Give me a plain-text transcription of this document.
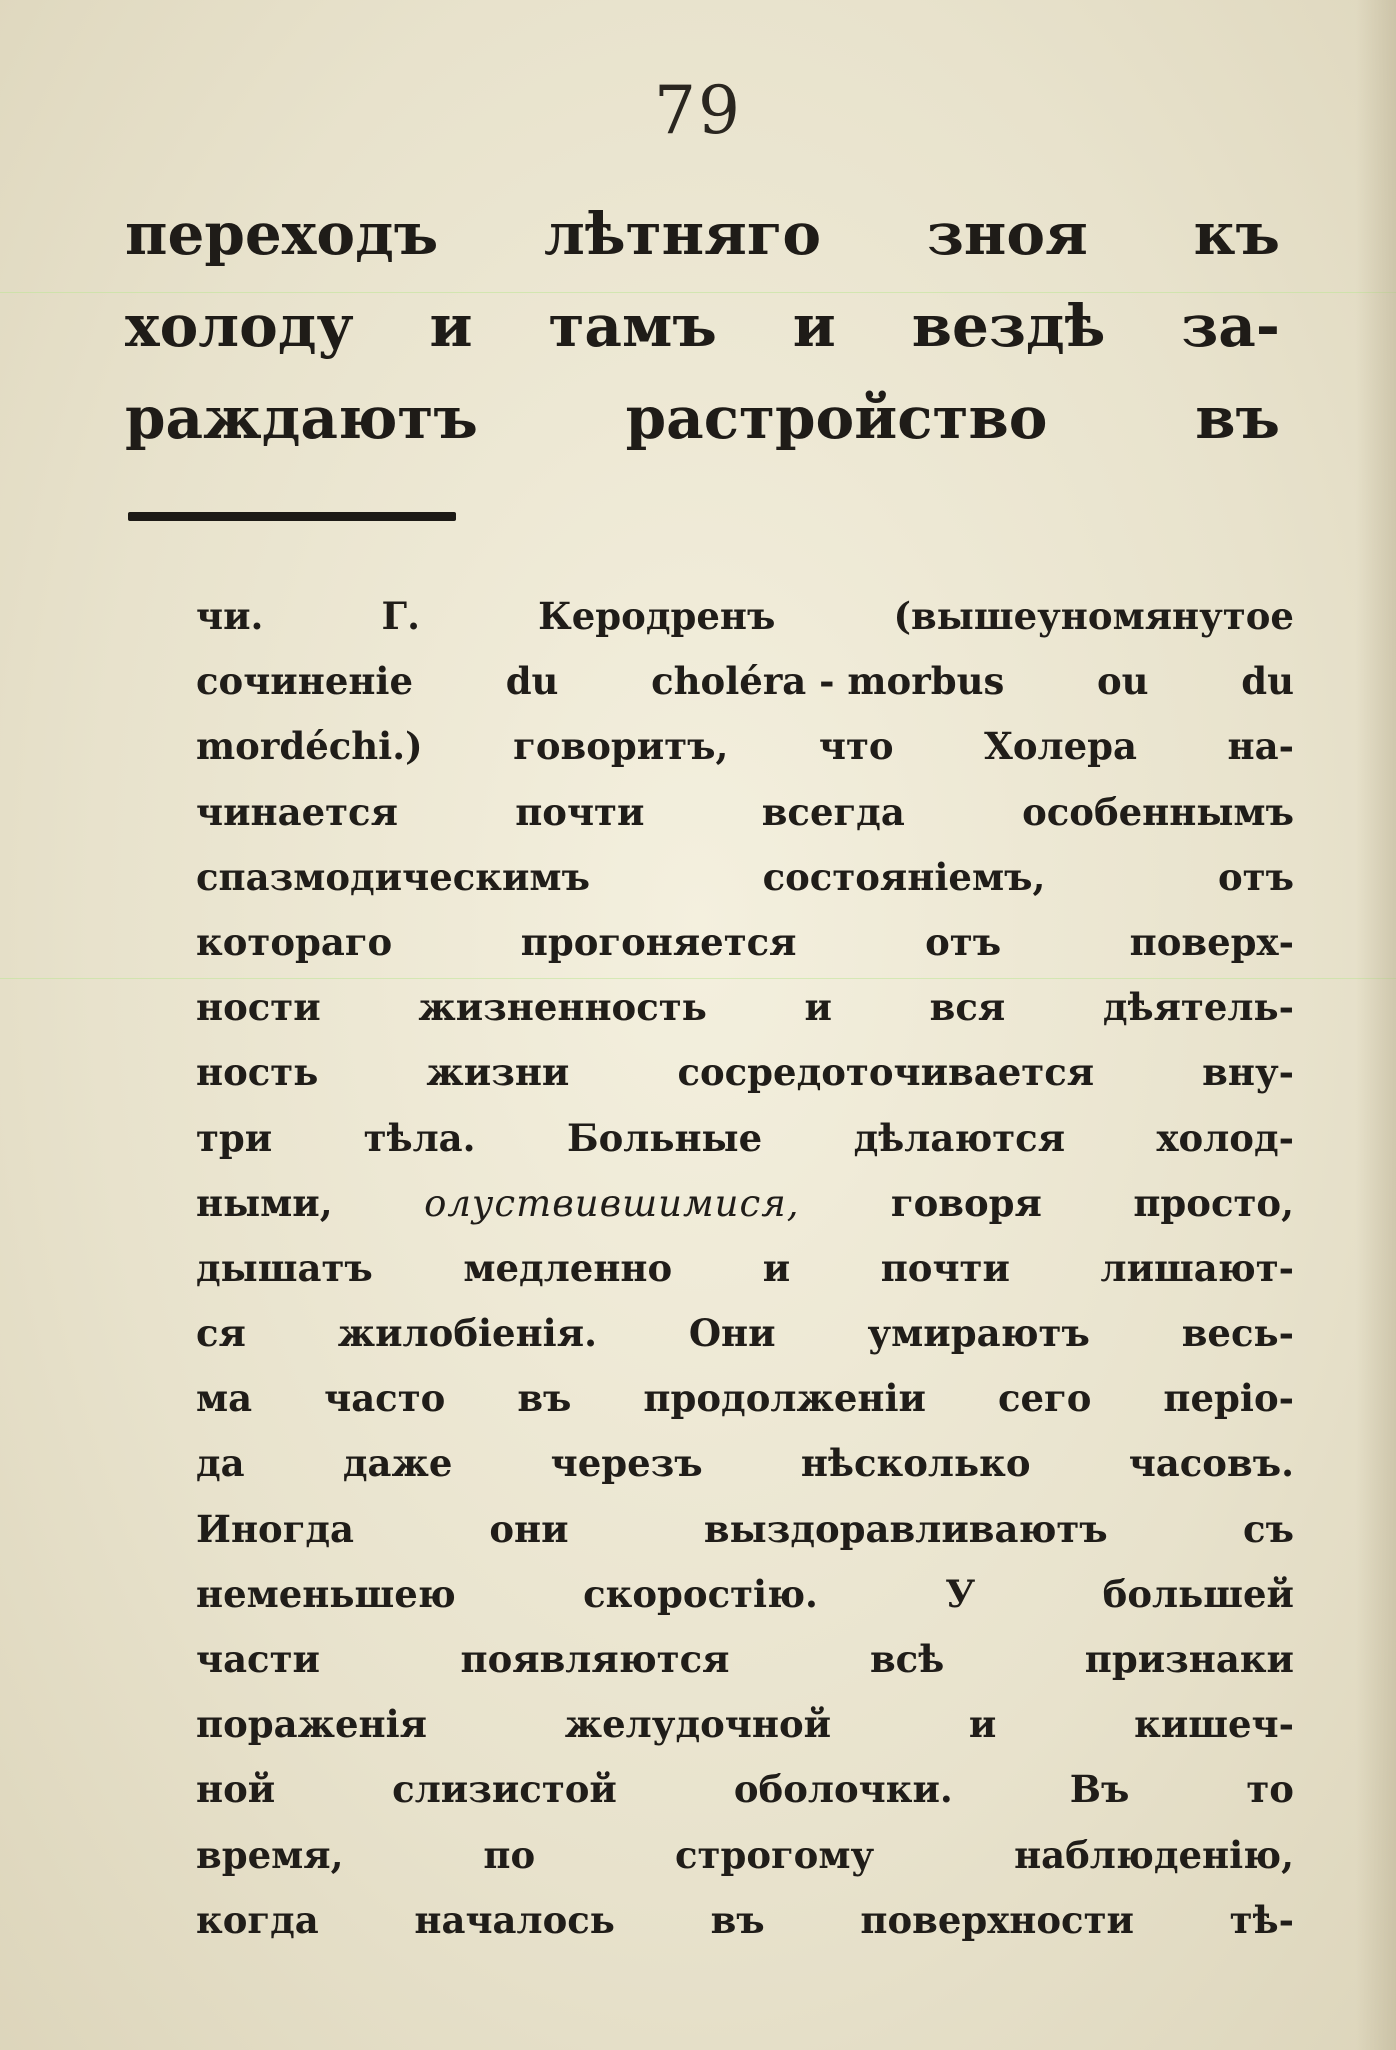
79
переходъ лѣтняго зноя къ
холоду и тамъ и вездѣ за-
раждаютъ	растройство	въ
чи.	Г.	Керодренъ	(вышеуномянутое
сочиненіе	du	choléra - morbus	ou	du
mordéchi.) говоритъ, что Холера на-
чинается	почти	всегда	особеннымъ
спазмодическимъ	состояніемъ,	отъ
котораго	прогоняется	отъ	поверх-
ности	жизненность	и	вся	дѣятель-
ность	жизни	сосредоточивается	вну-
три тѣла. Больные дѣлаются холод-
ными, олуствившимися, говоря просто,
дышатъ медленно и почти лишают-
ся жилобіенія. Они умираютъ весь-
ма часто въ продолженіи сего періо-
да	даже	черезъ	нѣсколько	часовъ.
Иногда	они	выздоравливаютъ	съ
неменьшею	скоростію.	У	большей
части	появляются	всѣ	признаки
пораженія	желудочной	и	кишеч-
ной	слизистой	оболочки.	Въ	то
время,	по	строгому	наблюденію,
когда	началось	въ	поверхности	тѣ-
